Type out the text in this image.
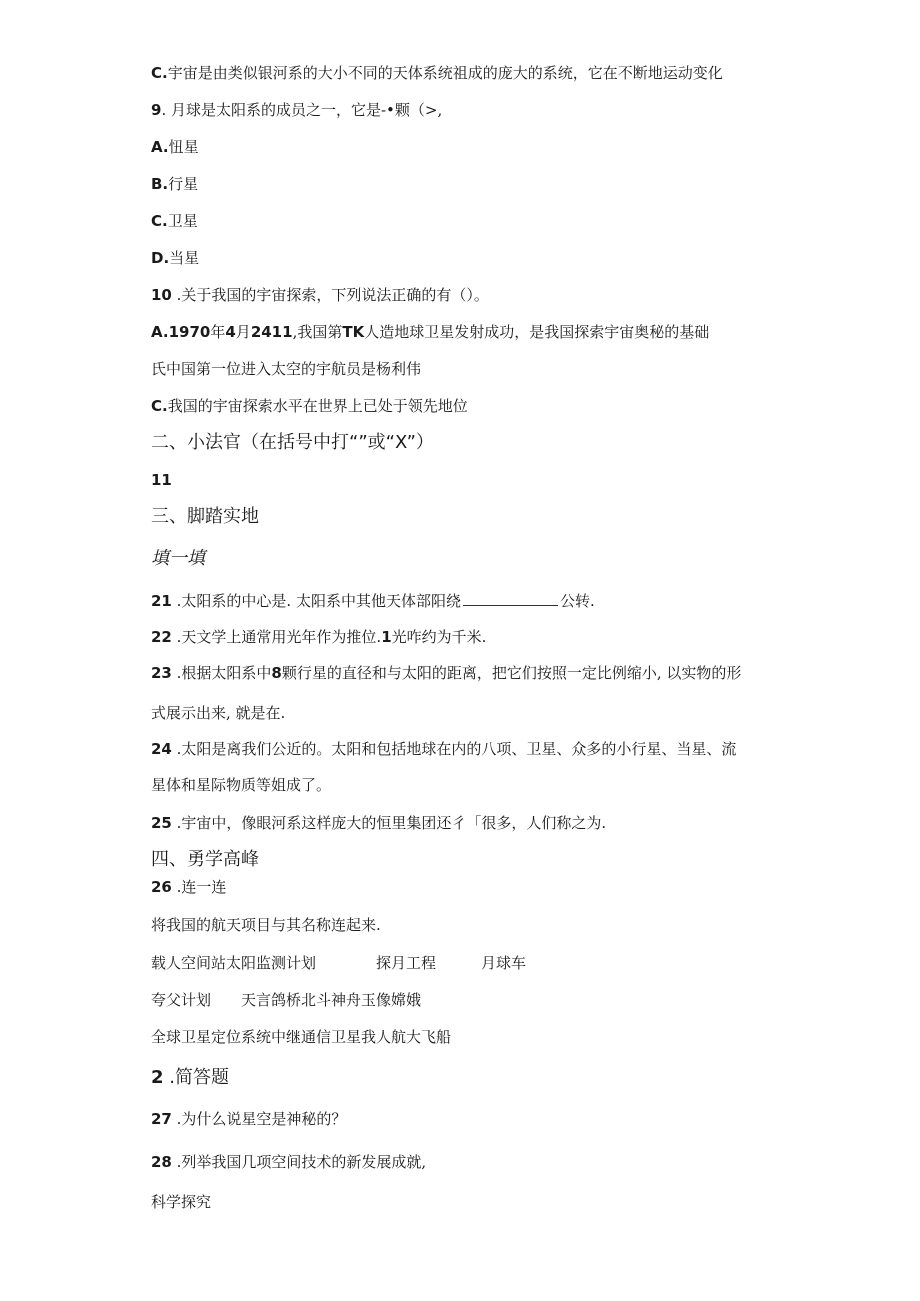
C.宇宙是由类似银河系的大小不同的天体系统祖成的庞大的系统，它在不断地运动变化
9. 月球是太阳系的成员之一，它是-•颗（>,
A.忸星
B.行星
C.卫星
D.当星
10 .关于我国的宇宙探索，下列说法正确的有（）。
A.1970年4月2411,我国第TK人造地球卫星发射成功，是我国探索宇宙奥秘的基础
氏中国第一位进入太空的宇航员是杨利伟
C.我国的宇宙探索水平在世界上已处于领先地位
二、小法官（在括号中打“”或“X”）
11
三、脚踏实地
填一填
21 .太阳系的中心是. 太阳系中其他天体部阳绕	公转.
22 .天文学上通常用光年作为推位.1光咋约为千米.
23 .根据太阳系中8颗行星的直径和与太阳的距离，把它们按照一定比例缩小, 以实物的形
式展示出来, 就是在.
24 .太阳是离我们公近的。太阳和包括地球在内的八项、卫星、众多的小行星、当星、流
星体和星际物质等姐成了。
25 .宇宙中，像眼河系这样庞大的恒里集团还彳「很多，人们称之为.
四、勇学高峰
26 .连一连
将我国的航天项目与其名称连起来.
载人空间站太阳监测计划	探月工程	月球车
夸父计划 天言鸽桥北斗神舟玉像嫦娥
全球卫星定位系统中继通信卫星我人航大飞船
2 .简答题
27 .为什么说星空是神秘的？
28 .列举我国几项空间技术的新发展成就,
科学探究
